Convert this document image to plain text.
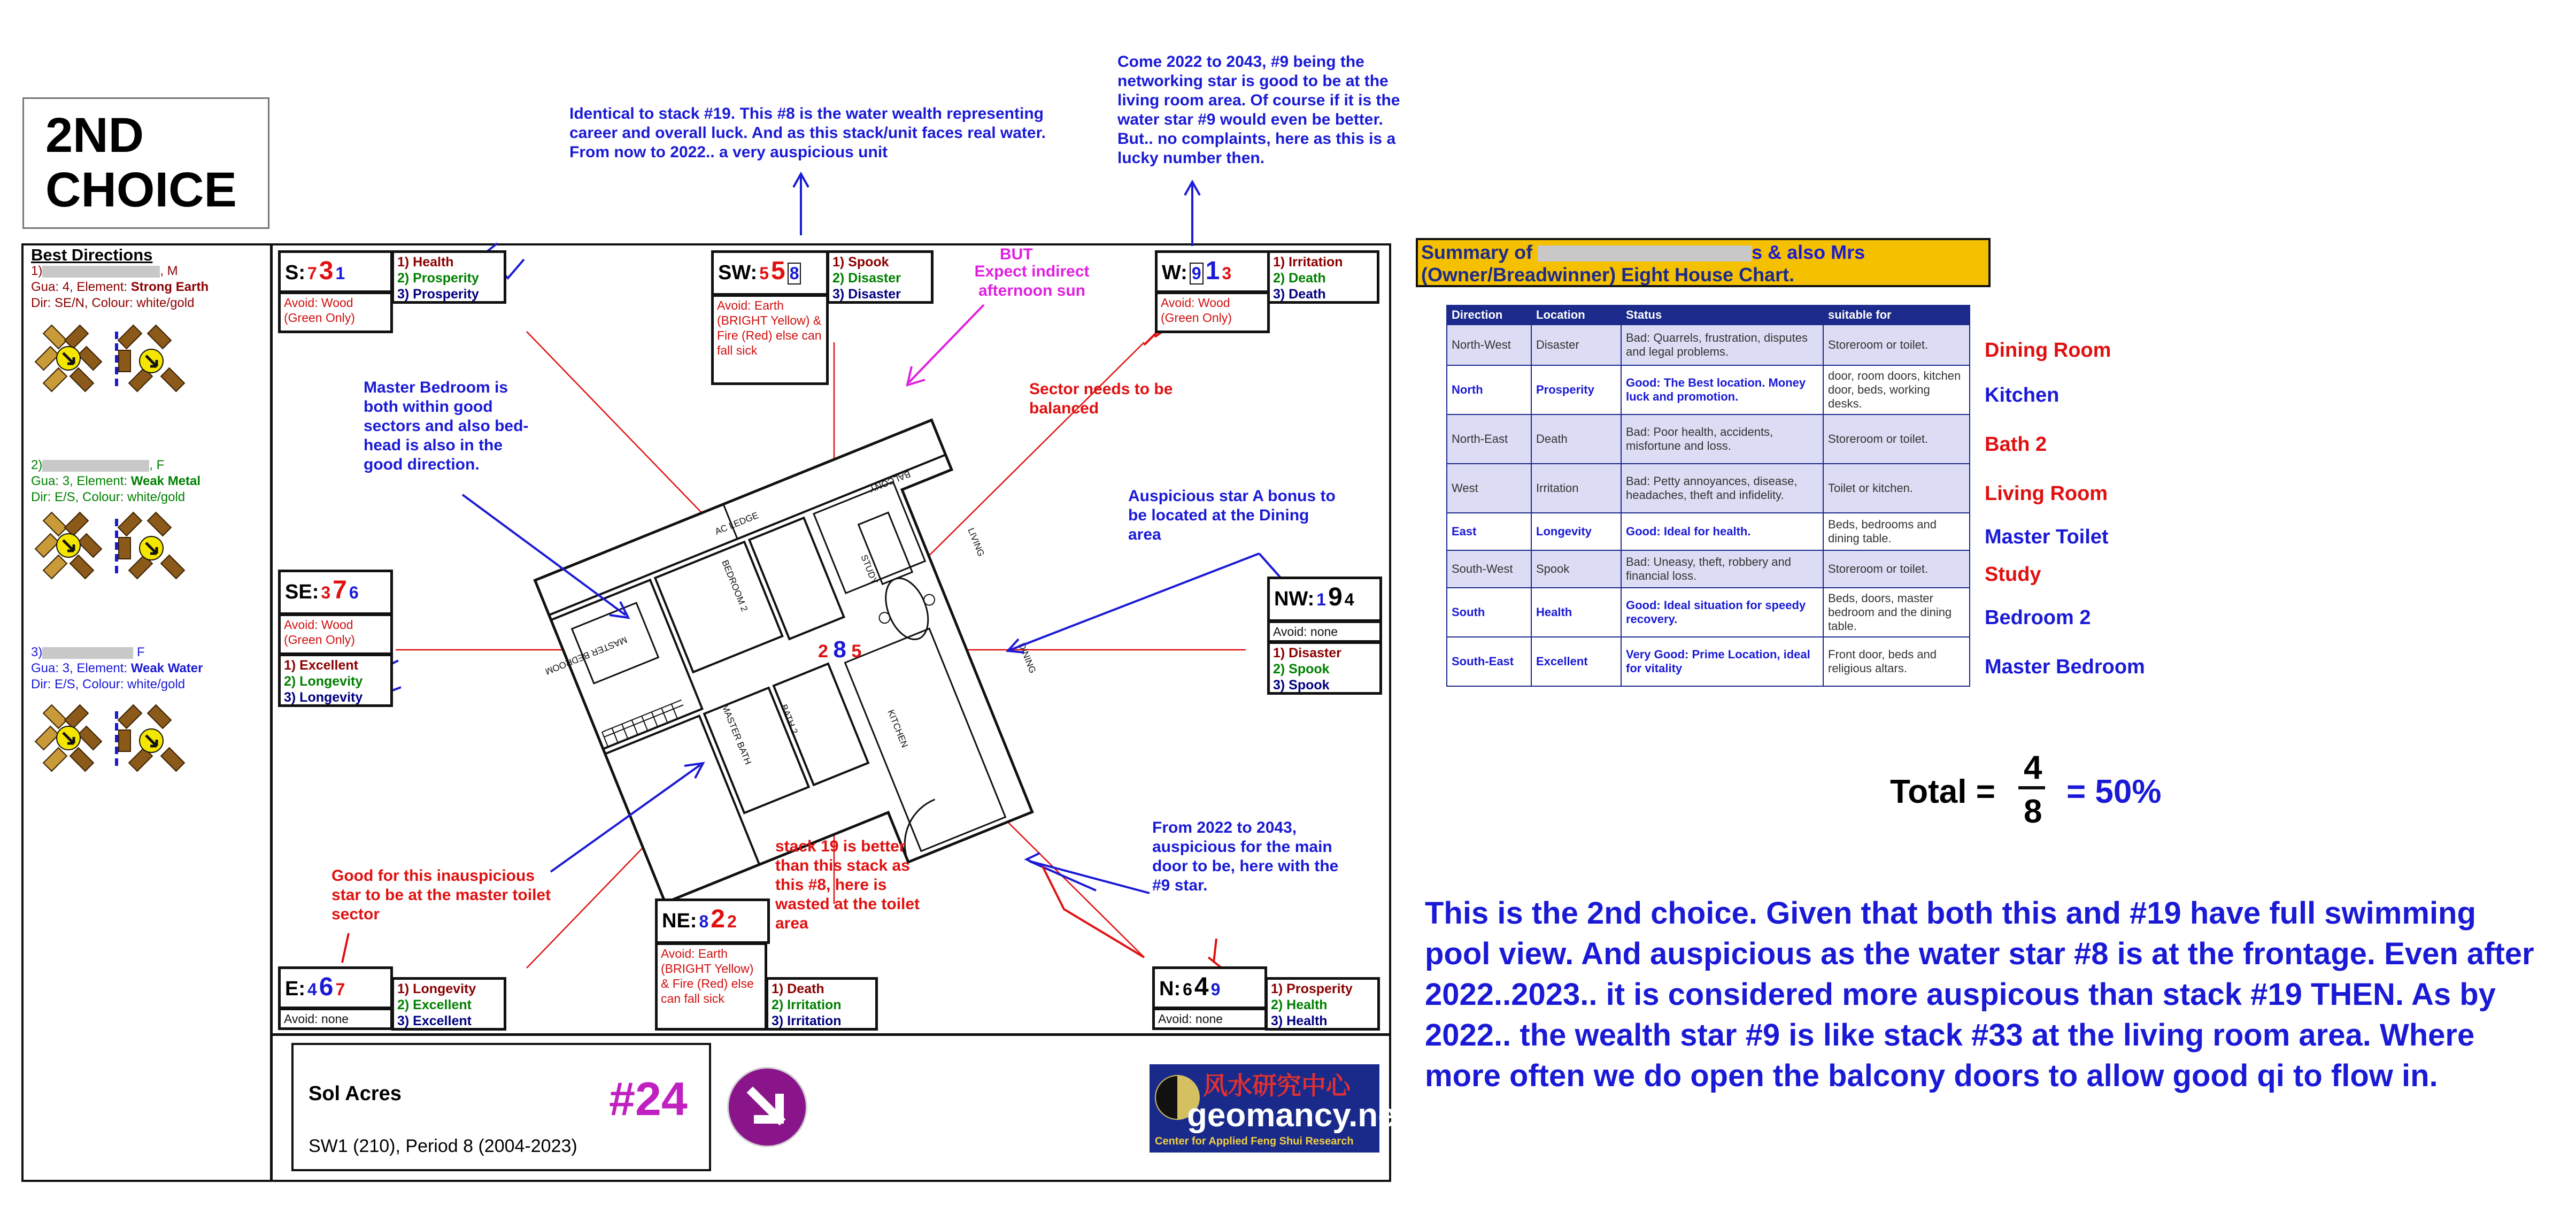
2ND
CHOICE
Best Directions
1)	, M
Gua: 4, Element: Strong Earth
Dir: SE/N, Colour: white/gold
2)	, F
Gua: 3, Element: Weak Metal
Dir: E/S, Colour: white/gold
3)	F
Gua: 3, Element: Weak Water
Dir: E/S, Colour: white/gold
AC LEDGE
BALCONY
STUDY
BEDROOM 2
MASTER BEDROOM
LIVING
DINING
KITCHEN
MASTER BATH	BATH 2
2 8 5
S: 7 3 1
Avoid: Wood (Green Only)
1) Health
2) Prosperity
3) Prosperity
SW: 5 5 8
Avoid: Earth (BRIGHT Yellow) & Fire (Red) else can fall sick
1) Spook
2) Disaster
3) Disaster
W: 9 1 3
Avoid: Wood (Green Only)
1) Irritation
2) Death
3) Death
SE: 3 7 6
Avoid: Wood (Green Only)
1) Excellent
2) Longevity
3) Longevity
NW: 1 9 4
Avoid: none
1) Disaster
2) Spook
3) Spook
E: 4 6 7
Avoid: none
1) Longevity
2) Excellent
3) Excellent
NE: 8 2 2
Avoid: Earth (BRIGHT Yellow) & Fire (Red) else can fall sick
1) Death
2) Irritation
3) Irritation
N: 6 4 9
Avoid: none
1) Prosperity
2) Health
3) Health
Identical to stack #19. This #8 is the water wealth representing career and overall luck. And as this stack/unit faces real water. From now to 2022.. a very auspicious unit
Come 2022 to 2043, #9 being the networking star is good to be at the living room area. Of course if it is the water star #9 would even be better. But.. no complaints, here as this is a lucky number then.
BUT
Expect indirect afternoon sun
Sector needs to be balanced
Master Bedroom is both within good sectors and also bed-head is also in the good direction.
Auspicious star A bonus to be located at the Dining area
Good for this inauspicious star to be at the master toilet sector
stack 19 is better than this stack as this #8, here is wasted at the toilet area
From 2022 to 2043, auspicious for the main door to be, here with the #9 star.
Sol Acres	#24
SW1 (210), Period 8 (2004-2023)
风水研究中心
geomancy.net
Center for Applied Feng Shui Research
Summary of	s & also Mrs
(Owner/Breadwinner) Eight House Chart.
Direction	Location	Status	suitable for
North-West	Disaster	Bad: Quarrels, frustration, disputes and legal problems.	Storeroom or toilet.
North	Prosperity	Good: The Best location. Money luck and promotion.	door, room doors, kitchen door, beds, working desks.
North-East	Death	Bad: Poor health, accidents, misfortune and loss.	Storeroom or toilet.
West	Irritation	Bad: Petty annoyances, disease, headaches, theft and infidelity.	Toilet or kitchen.
East	Longevity	Good: Ideal for health.	Beds, bedrooms and dining table.
South-West	Spook	Bad: Uneasy, theft, robbery and financial loss.	Storeroom or toilet.
South	Health	Good: Ideal situation for speedy recovery.	Beds, doors, master bedroom and the dining table.
South-East	Excellent	Very Good: Prime Location, ideal for vitality	Front door, beds and religious altars.
Dining Room
Kitchen
Bath 2
Living Room
Master Toilet
Study
Bedroom 2
Master Bedroom
Total =
4
8
= 50%
This is the 2nd choice. Given that both this and #19 have full swimming pool view. And auspicious as the water star #8 is at the frontage. Even after 2022..2023.. it is considered more auspicous than stack #19 THEN. As by 2022.. the wealth star #9 is like stack #33 at the living room area. Where more often we do open the balcony doors to allow good qi to flow in.
